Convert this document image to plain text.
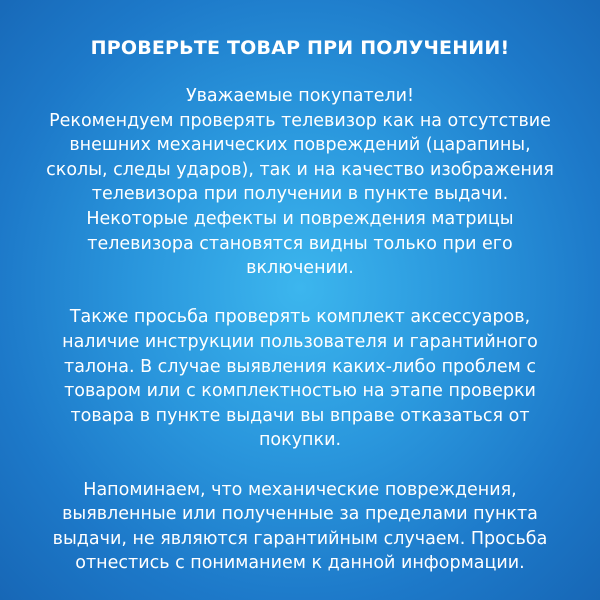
ПРОВЕРЬТЕ ТОВАР ПРИ ПОЛУЧЕНИИ!

Уважаемые покупатели!
Рекомендуем проверять телевизор как на отсутствие
внешних механических повреждений (царапины,
сколы, следы ударов), так и на качество изображения
телевизора при получении в пункте выдачи.
Некоторые дефекты и повреждения матрицы
телевизора становятся видны только при его
включении.

Также просьба проверять комплект аксессуаров,
наличие инструкции пользователя и гарантийного
талона. В случае выявления каких-либо проблем с
товаром или с комплектностью на этапе проверки
товара в пункте выдачи вы вправе отказаться от
покупки.

Напоминаем, что механические повреждения,
выявленные или полученные за пределами пункта
выдачи, не являются гарантийным случаем. Просьба
отнестись с пониманием к данной информации.
